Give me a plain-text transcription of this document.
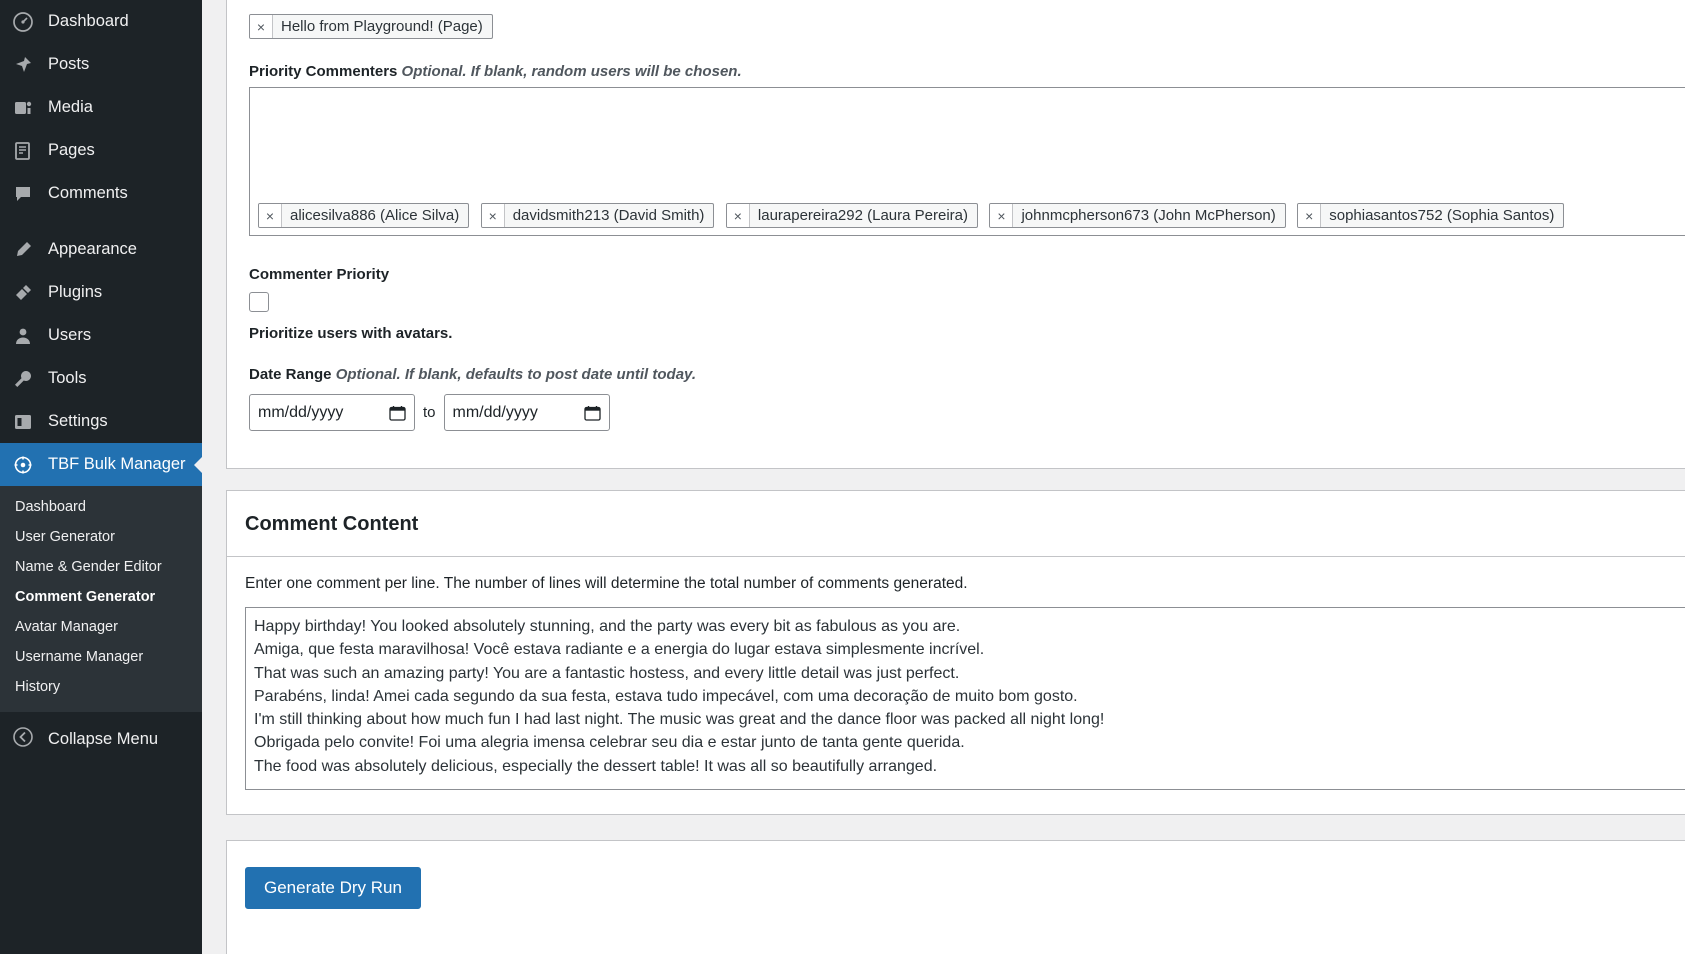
Dashboard
Posts
Media
Pages
Comments
Appearance
Plugins
Users
Tools
Settings
TBF Bulk Manager
Dashboard
User Generator
Name & Gender Editor
Comment Generator
Avatar Manager
Username Manager
History
Collapse Menu
×	Hello from Playground! (Page)
Priority Commenters Optional. If blank, random users will be chosen.
×	alicesilva886 (Alice Silva)
	×	davidsmith213 (David Smith)
	×	laurapereira292 (Laura Pereira)
	×	johnmcpherson673 (John McPherson)
	×	sophiasantos752 (Sophia Santos)
Commenter Priority
Prioritize users with avatars.
Date Range Optional. If blank, defaults to post date until today.
mm/dd/yyyy	to mm/dd/yyyy
Comment Content
Enter one comment per line. The number of lines will determine the total number of comments generated.
Happy birthday! You looked absolutely stunning, and the party was every bit as fabulous as you are.
Amiga, que festa maravilhosa! Você estava radiante e a energia do lugar estava simplesmente incrível.
That was such an amazing party! You are a fantastic hostess, and every little detail was just perfect.
Parabéns, linda! Amei cada segundo da sua festa, estava tudo impecável, com uma decoração de muito bom gosto.
I'm still thinking about how much fun I had last night. The music was great and the dance floor was packed all night long!
Obrigada pelo convite! Foi uma alegria imensa celebrar seu dia e estar junto de tanta gente querida.
The food was absolutely delicious, especially the dessert table! It was all so beautifully arranged.
Generate Dry Run
